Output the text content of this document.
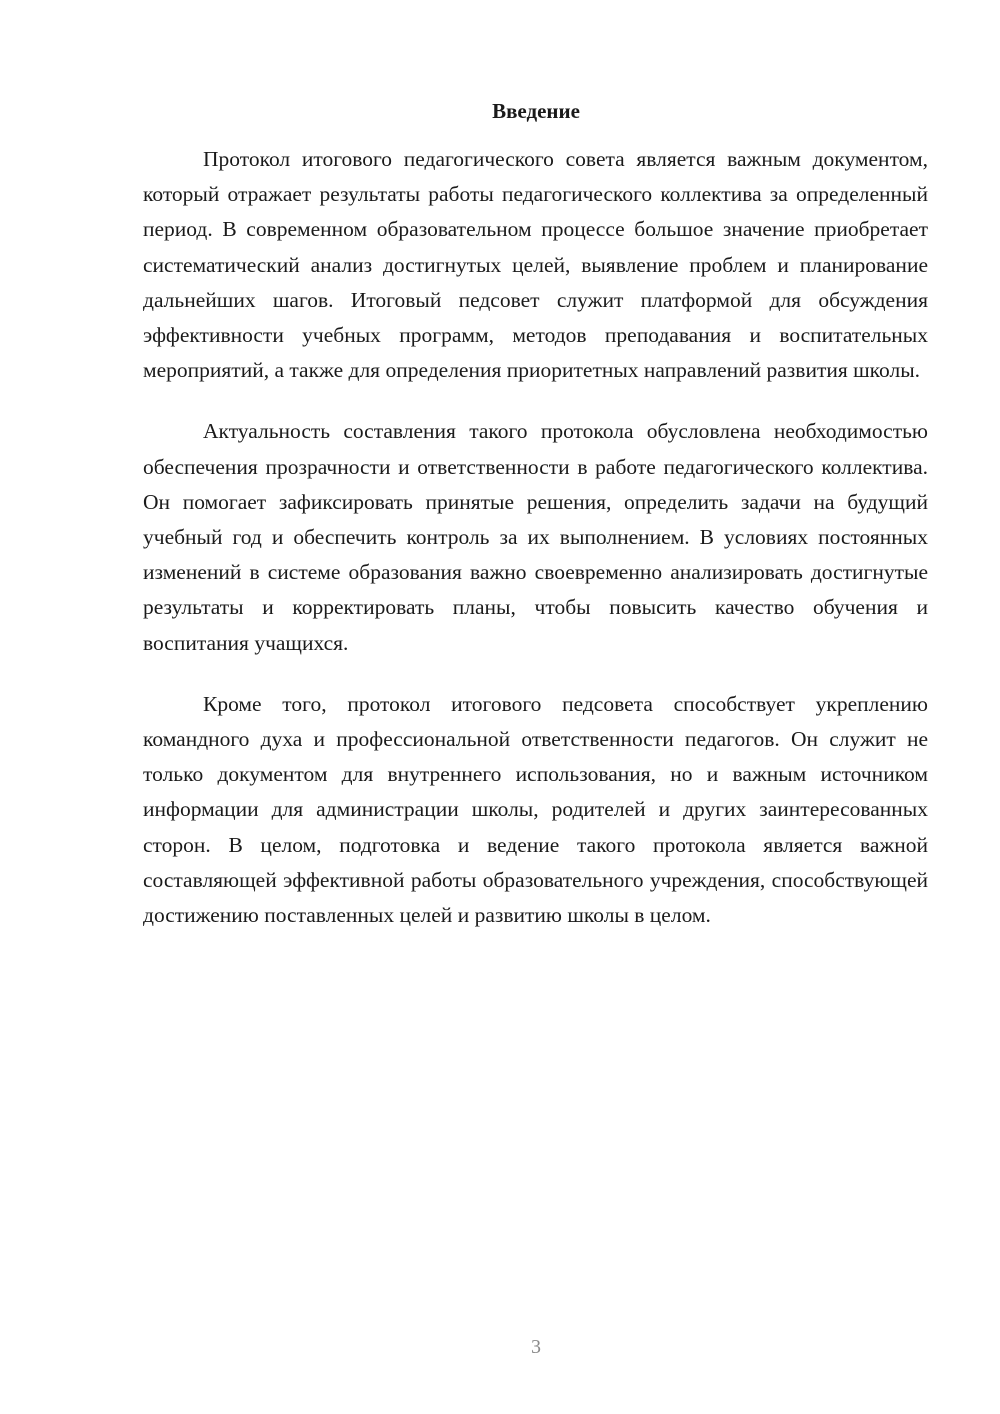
Введение

Протокол итогового педагогического совета является важным документом, который отражает результаты работы педагогического коллектива за определенный период. В современном образовательном процессе большое значение приобретает систематический анализ достигнутых целей, выявление проблем и планирование дальнейших шагов. Итоговый педсовет служит платформой для обсуждения эффективности учебных программ, методов преподавания и воспитательных мероприятий, а также для определения приоритетных направлений развития школы.

Актуальность составления такого протокола обусловлена необходимостью обеспечения прозрачности и ответственности в работе педагогического коллектива. Он помогает зафиксировать принятые решения, определить задачи на будущий учебный год и обеспечить контроль за их выполнением. В условиях постоянных изменений в системе образования важно своевременно анализировать достигнутые результаты и корректировать планы, чтобы повысить качество обучения и воспитания учащихся.

Кроме того, протокол итогового педсовета способствует укреплению командного духа и профессиональной ответственности педагогов. Он служит не только документом для внутреннего использования, но и важным источником информации для администрации школы, родителей и других заинтересованных сторон. В целом, подготовка и ведение такого протокола является важной составляющей эффективной работы образовательного учреждения, способствующей достижению поставленных целей и развитию школы в целом.

3
